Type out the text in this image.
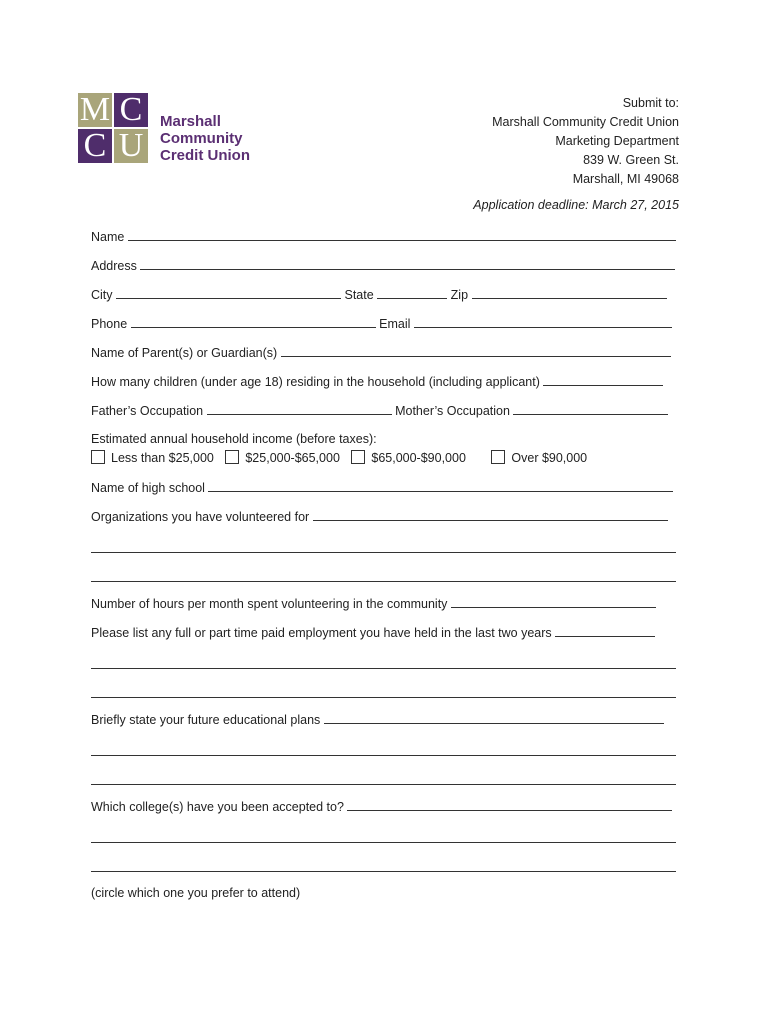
M C
C U
Marshall Community
Credit Union
Submit to:
Marshall Community Credit Union
Marketing Department
839 W. Green St.
Marshall, MI 49068
Application deadline: March 27, 2015
Name
Address
City	State	Zip
Phone	Email
Name of Parent(s) or Guardian(s)
How many children (under age 18) residing in the household (including applicant)
Father’s Occupation	Mother’s Occupation
Estimated annual household income (before taxes):
Less than $25,000	$25,000-$65,000	$65,000-$90,000	Over $90,000
Name of high school
Organizations you have volunteered for
Number of hours per month spent volunteering in the community
Please list any full or part time paid employment you have held in the last two years
Briefly state your future educational plans
Which college(s) have you been accepted to?
(circle which one you prefer to attend)
